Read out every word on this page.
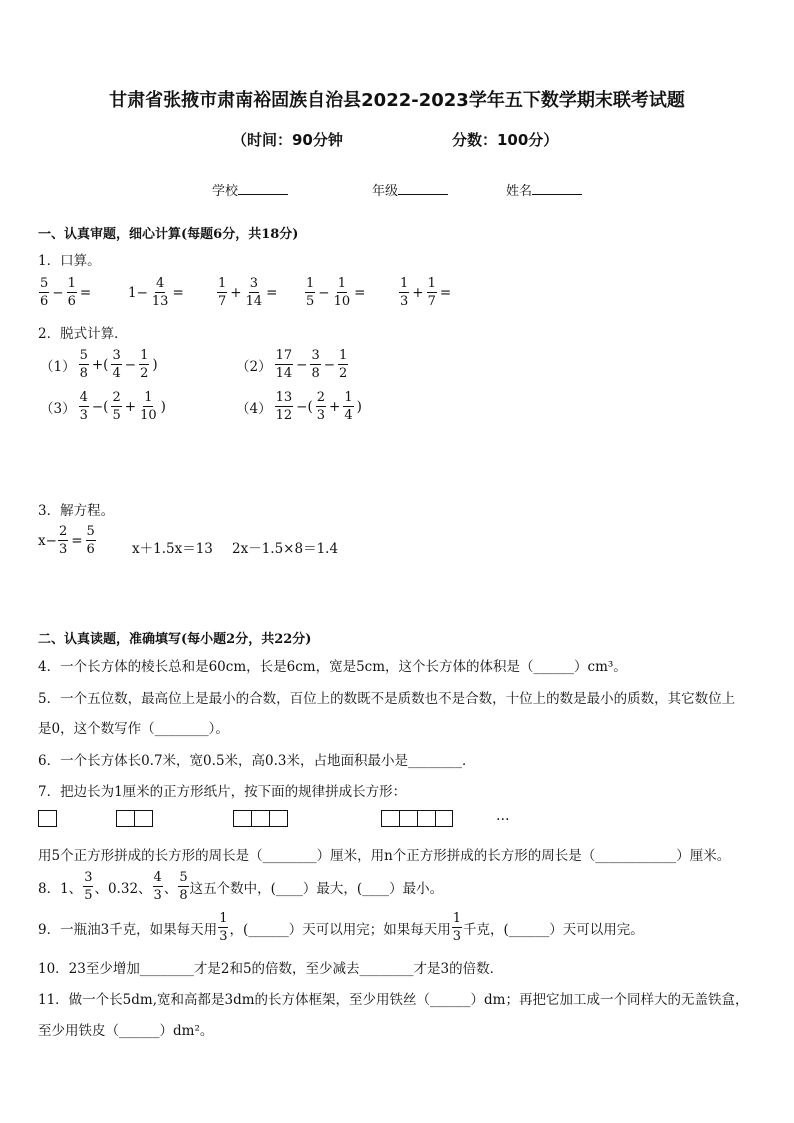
甘肃省张掖市肃南裕固族自治县2022-2023学年五下数学期末联考试题
（时间：90分钟	分数：100分）
学校	年级	姓名
一、认真审题，细心计算(每题6分，共18分)
1．口算。
$\frac{5}{6} - \frac{1}{6}$ =	$1- \frac{4}{13}$ =	$\frac{1}{7} + \frac{3}{14} = \frac{1}{5} - \frac{1}{10}$ =	$\frac{1}{3} + \frac{1}{7}$ =
2．脱式计算．
$(1) \frac{5}{8}$ +( $\frac{3}{4} - \frac{1}{2}$ )	$(2) \frac{17}{14} - \frac{3}{8} - \frac{1}{2}$
$(3) \frac{4}{3}$ −( $\frac{2}{5} + \frac{1}{10}$ )	$(4) \frac{13}{12}$ −( $\frac{2}{3} + \frac{1}{4}$ )
3．解方程。
$x- \frac{2}{3} = \frac{5}{6}$	x＋1.5x＝13 2x－1.5×8＝1.4
二、认真读题，准确填写(每小题2分，共22分)
4．一个长方体的棱长总和是60cm，长是6cm，宽是5cm，这个长方体的体积是（______）cm³。
5．一个五位数，最高位上是最小的合数，百位上的数既不是质数也不是合数，十位上的数是最小的质数，其它数位上
是0，这个数写作（________）。
6．一个长方体长0.7米，宽0.5米，高0.3米，占地面积最小是________．
7．把边长为1厘米的正方形纸片，按下面的规律拼成长方形：
…
用5个正方形拼成的长方形的周长是（________）厘米，用n个正方形拼成的长方形的周长是（____________）厘米。
8．1、 $\frac{3}{5}$ 、0.32、 $\frac{4}{3}$ 、 $\frac{5}{8}$ 这五个数中，(____）最大，(____）最小。
9．一瓶油3千克，如果每天用 $\frac{1}{3}$ ，(______）天可以用完；如果每天用 $\frac{1}{3}$ 千克，(______）天可以用完。
10．23至少增加________才是2和5的倍数，至少减去________才是3的倍数．
11．做一个长5dm,宽和高都是3dm的长方体框架，至少用铁丝（______）dm；再把它加工成一个同样大的无盖铁盒，
至少用铁皮（______）dm²。
